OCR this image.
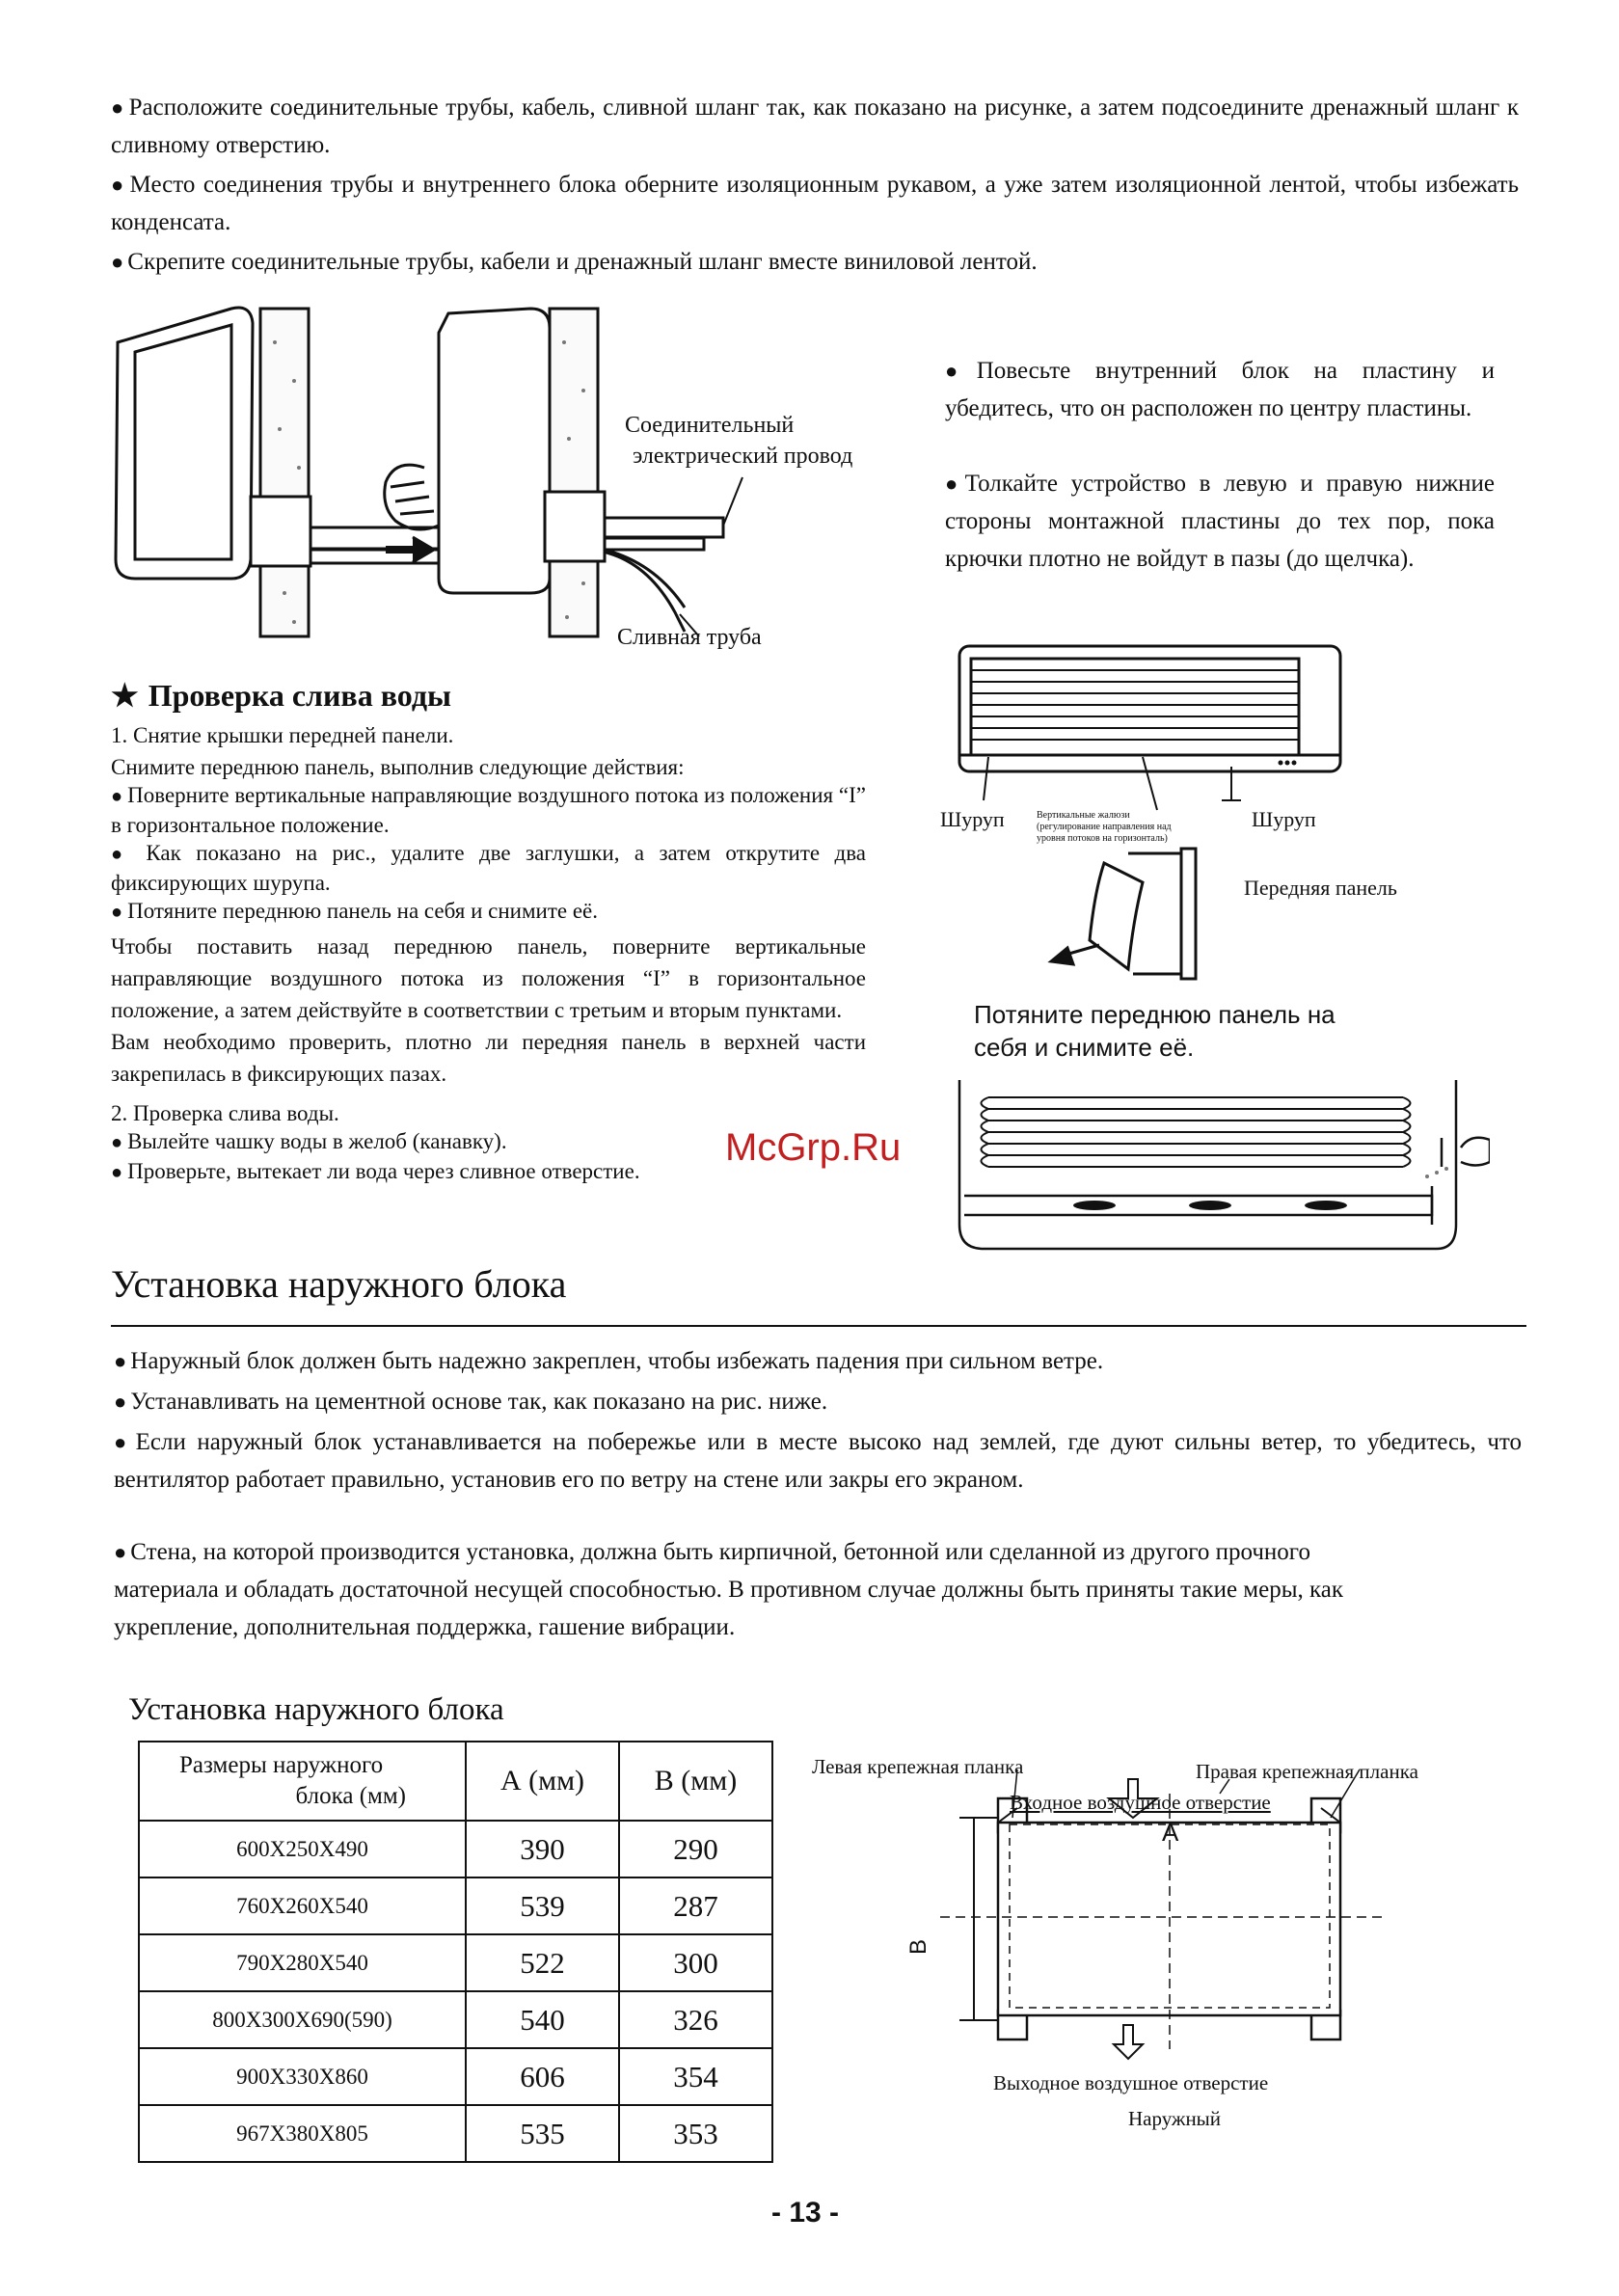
● Расположите соединительные трубы, кабель, сливной шланг так, как показано на рисунке, а затем подсоедините дренажный шланг к сливному отверстию.
● Место соединения трубы и внутреннего блока оберните изоляционным рукавом, а уже затем изоляционной лентой, чтобы избежать конденсата.
● Скрепите соединительные трубы, кабели и дренажный шланг вместе виниловой лентой.
Соединительный
электрический провод
Сливная труба
●Повесьте внутренний блок на пластину и убедитесь, что он расположен по центру пластины.
●Толкайте устройство в левую и правую нижние стороны монтажной пластины до тех пор, пока крючки плотно не войдут в пазы (до щелчка).
Шуруп	Шуруп
Вертикальные жалюзи
(регулирование направления над
уровня потоков на горизонталь)
Передняя панель
Потяните переднюю панель на
себя и снимите её.
★ Проверка слива воды
1. Снятие крышки передней панели.
Снимите переднюю панель, выполнив следующие действия:
● Поверните вертикальные направляющие воздушного потока из положения “I” в горизонтальное положение.
● Как показано на рис., удалите две заглушки, а затем открутите два фиксирующих шурупа.
● Потяните переднюю панель на себя и снимите её.
Чтобы поставить назад переднюю панель, поверните вертикальные направляющие воздушного потока из положения “I” в горизонтальное положение, а затем действуйте в соответствии с третьим и вторым пунктами.
Вам необходимо проверить, плотно ли передняя панель в верхней части закрепилась в фиксирующих пазах.
2. Проверка слива воды.
● Вылейте чашку воды в желоб (канавку).
● Проверьте, вытекает ли вода через сливное отверстие.
McGrp.Ru
Установка наружного блока
● Наружный блок должен быть надежно закреплен, чтобы избежать падения при сильном ветре.
● Устанавливать на цементной основе так, как показано на рис. ниже.
● Если наружный блок устанавливается на побережье или в месте высоко над землей, где дуют сильны ветер, то убедитесь, что вентилятор работает правильно, установив его по ветру на стене или закры его экраном.
● Стена, на которой производится установка, должна быть кирпичной, бетонной или сделанной из другого прочного материала и обладать достаточной несущей способностью. В противном случае должны быть приняты такие меры, как укрепление, дополнительная поддержка, гашение вибрации.
Установка наружного блока
Размеры наружного
блока (мм)	А (мм)	В (мм)
600X250X490	390	290
760X260X540	539	287
790X280X540	522	300
800X300X690(590)	540	326
900X330X860	606	354
967X380X805	535	353
Левая крепежная планка	Правая крепежная планка
Входное воздушное отверстие
A
B
Выходное воздушное отверстие
Наружный
- 13 -
